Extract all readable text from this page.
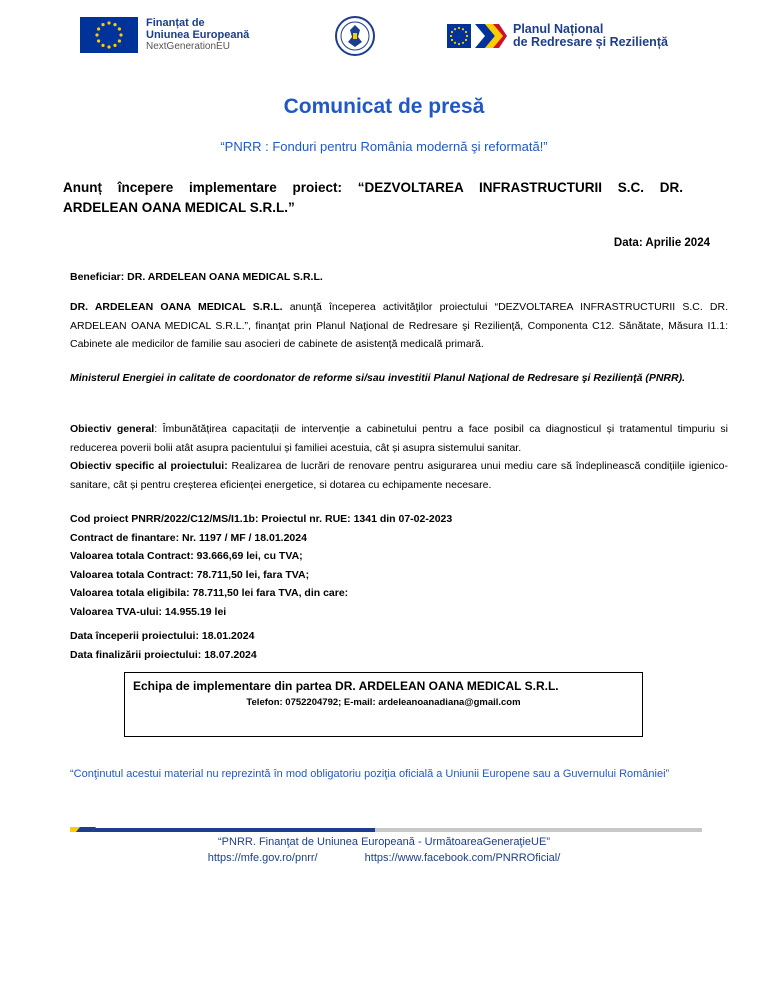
Finanțat de
Uniunea Europeană
NextGenerationEU
Planul Național
de Redresare și Reziliență
Comunicat de presă
“PNRR : Fonduri pentru România modernă şi reformată!”
Anunț începere implementare proiect: “DEZVOLTAREA INFRASTRUCTURII S.C. DR.
ARDELEAN OANA MEDICAL S.R.L.”
Data: Aprilie 2024
Beneficiar: DR. ARDELEAN OANA MEDICAL S.R.L.
DR. ARDELEAN OANA MEDICAL S.R.L. anunţă începerea activităţilor proiectului “DEZVOLTAREA INFRASTRUCTURII S.C. DR. ARDELEAN OANA MEDICAL S.R.L.”, finanţat prin Planul Naţional de Redresare şi Rezilienţă, Componenta C12. Sănătate, Măsura I1.1: Cabinete ale medicilor de familie sau asocieri de cabinete de asistență medicală primară.
Ministerul Energiei in calitate de coordonator de reforme si/sau investitii Planul Naţional de Redresare şi Rezilienţă (PNRR).
Obiectiv general: Îmbunătățirea capacitații de intervenție a cabinetului pentru a face posibil ca diagnosticul și tratamentul timpuriu si reducerea poverii bolii atât asupra pacientului și familiei acestuia, cât și asupra sistemului sanitar.
Obiectiv specific al proiectului: Realizarea de lucrări de renovare pentru asigurarea unui mediu care să îndeplinească condițiile igienico-sanitare, cât și pentru creșterea eficienței energetice, si dotarea cu echipamente necesare.
Cod proiect PNRR/2022/C12/MS/I1.1b: Proiectul nr. RUE: 1341 din 07-02-2023
Contract de finantare: Nr. 1197 / MF / 18.01.2024
Valoarea totala Contract: 93.666,69 lei, cu TVA;
Valoarea totala Contract: 78.711,50 lei, fara TVA;
Valoarea totala eligibila: 78.711,50 lei fara TVA, din care:
Valoarea TVA-ului: 14.955.19 lei
Data începerii proiectului: 18.01.2024
Data finalizării proiectului: 18.07.2024
Echipa de implementare din partea DR. ARDELEAN OANA MEDICAL S.R.L.
Telefon: 0752204792; E-mail: ardeleanoanadiana@gmail.com
“Conţinutul acestui material nu reprezintă în mod obligatoriu poziţia oficială a Uniunii Europene sau a Guvernului României”
“PNRR. Finanţat de Uniunea Europeană - UrmătoareaGeneraţieUE”
https://mfe.gov.ro/pnrr/	https://www.facebook.com/PNRROficial/
